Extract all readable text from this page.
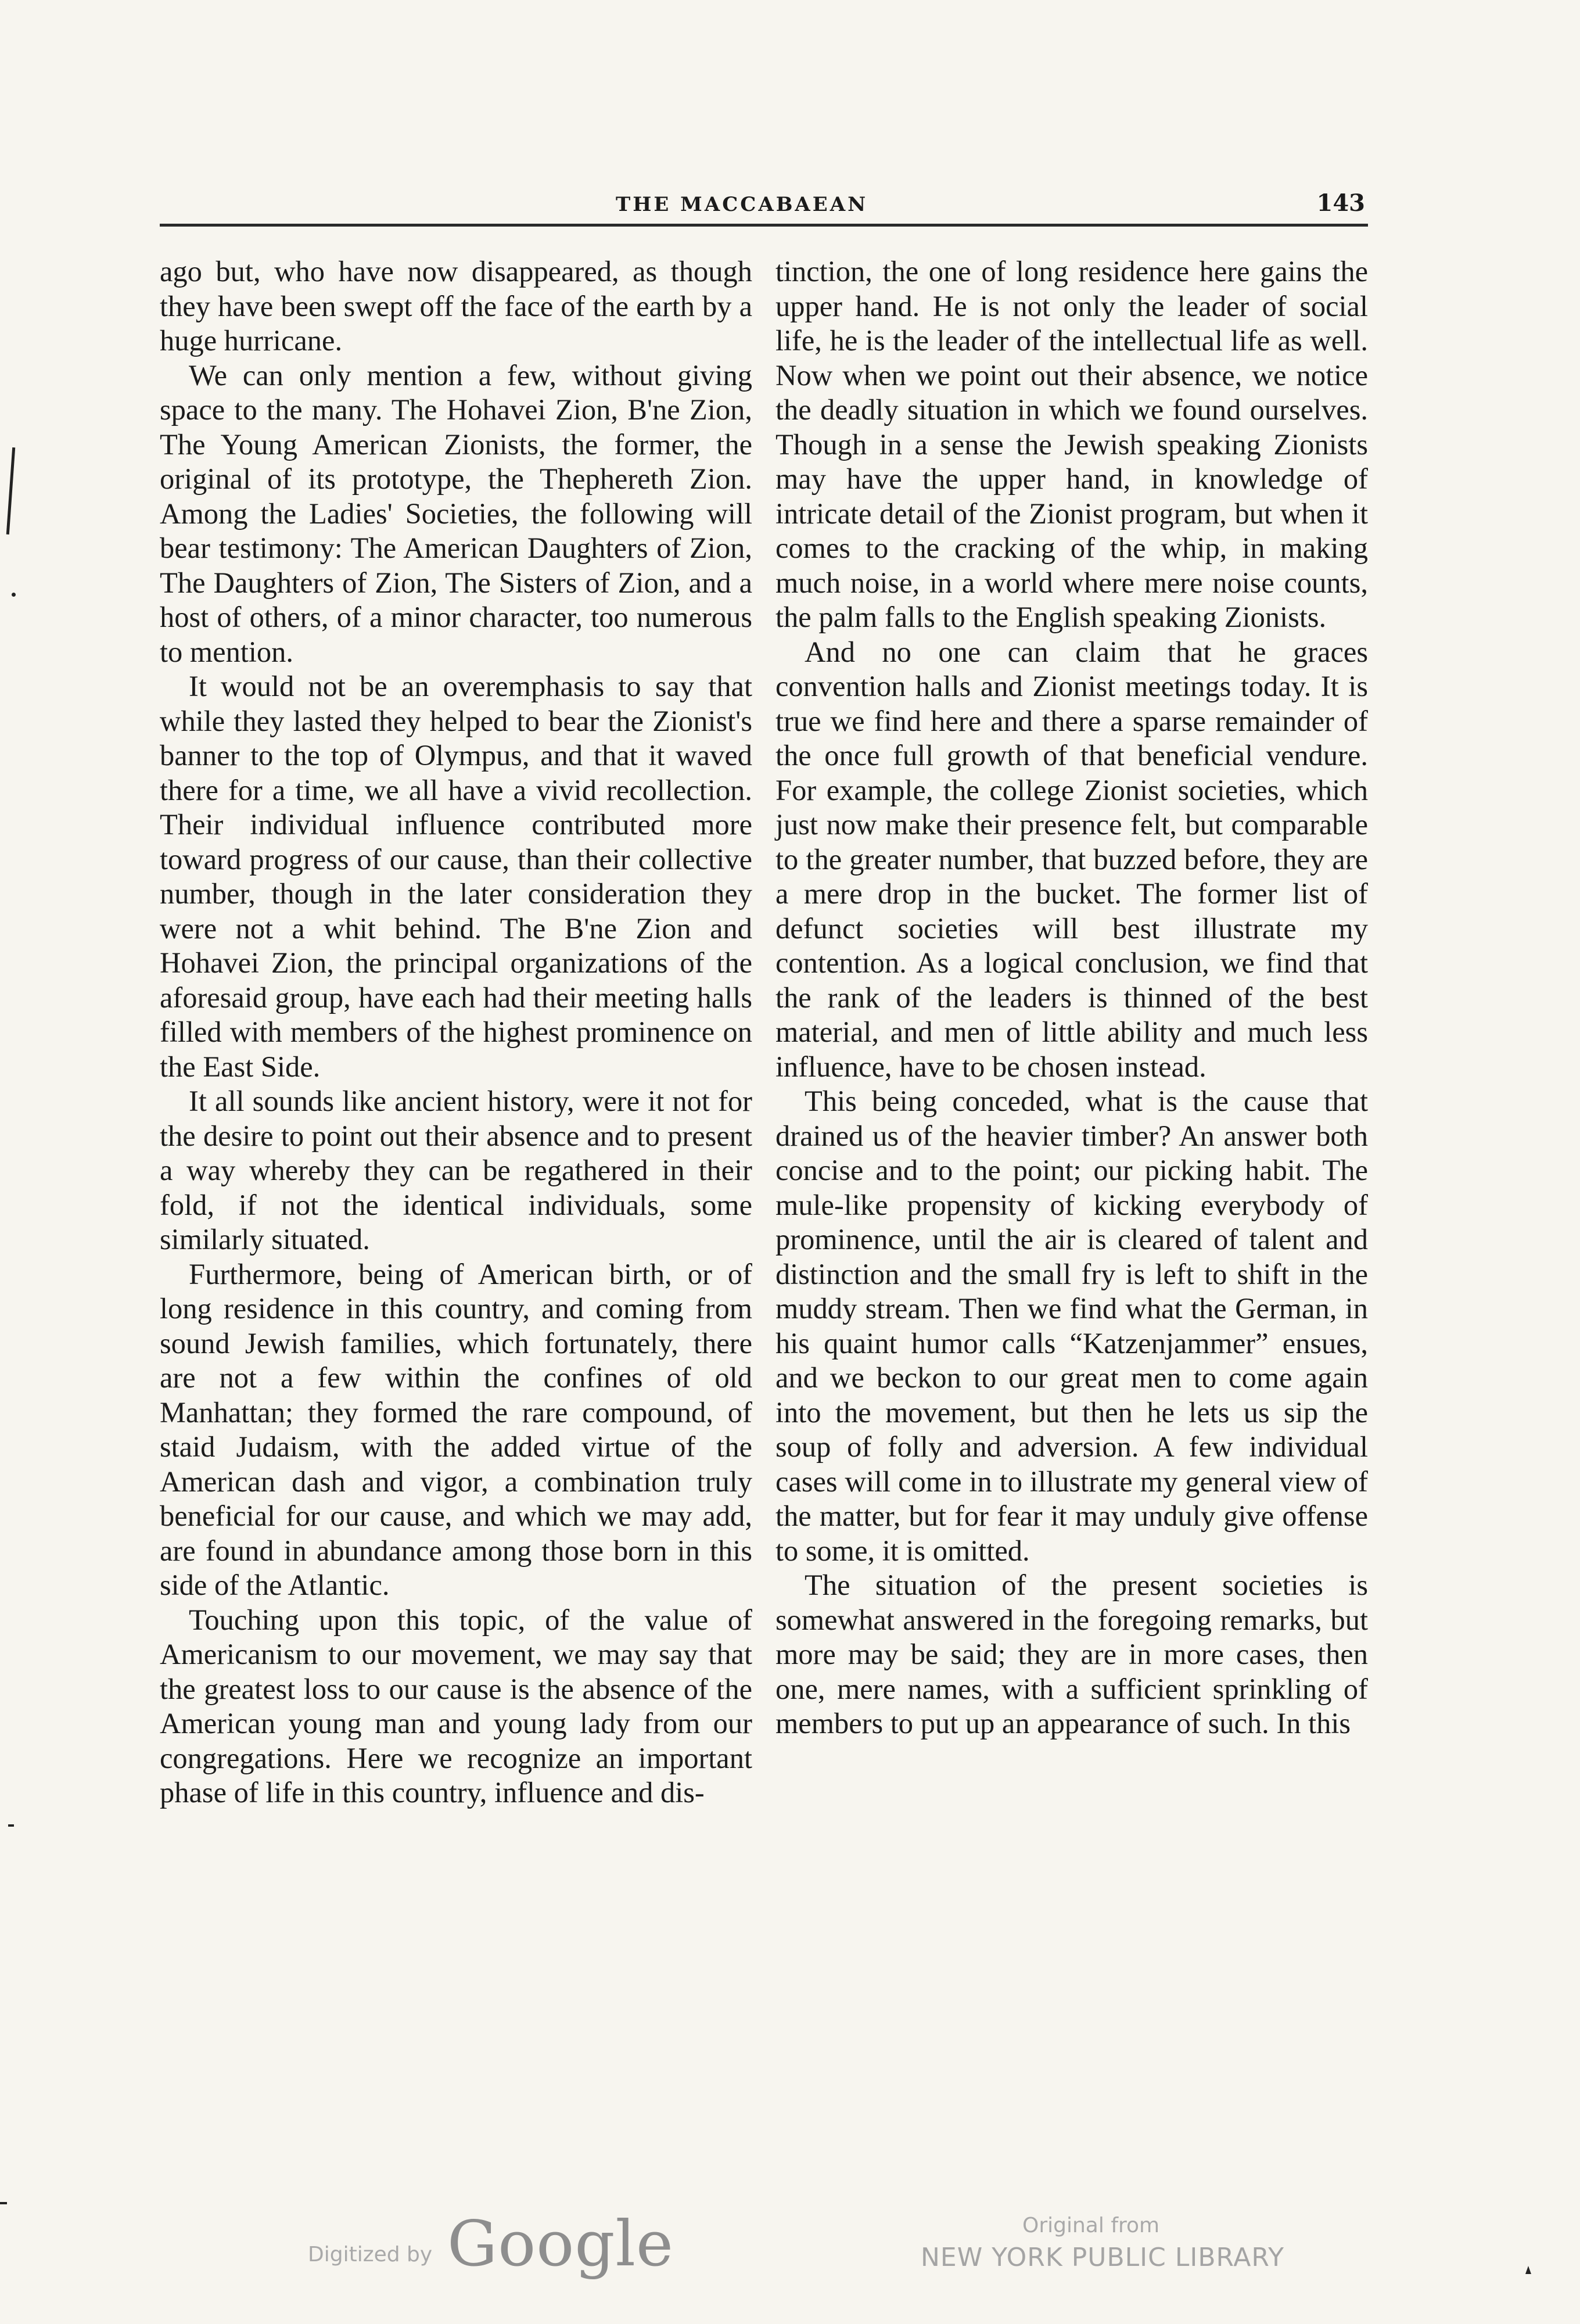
THE MACCABAEAN	143

ago but, who have now disappeared, as though they have been swept off the face of the earth by a huge hurricane.

We can only mention a few, without giving space to the many. The Hohavei Zion, B'ne Zion, The Young American Zionists, the former, the original of its prototype, the Thephereth Zion. Among the Ladies' Societies, the following will bear testimony: The American Daughters of Zion, The Daughters of Zion, The Sisters of Zion, and a host of others, of a minor character, too numerous to mention.

It would not be an overemphasis to say that while they lasted they helped to bear the Zionist's banner to the top of Olympus, and that it waved there for a time, we all have a vivid recollection. Their individual influence contributed more toward progress of our cause, than their collective number, though in the later consideration they were not a whit behind. The B'ne Zion and Hohavei Zion, the principal organizations of the aforesaid group, have each had their meeting halls filled with members of the highest prominence on the East Side.

It all sounds like ancient history, were it not for the desire to point out their absence and to present a way whereby they can be regathered in their fold, if not the identical individuals, some similarly situated.

Furthermore, being of American birth, or of long residence in this country, and coming from sound Jewish families, which fortunately, there are not a few within the confines of old Manhattan; they formed the rare compound, of staid Judaism, with the added virtue of the American dash and vigor, a combination truly beneficial for our cause, and which we may add, are found in abundance among those born in this side of the Atlantic.

Touching upon this topic, of the value of Americanism to our movement, we may say that the greatest loss to our cause is the absence of the American young man and young lady from our congregations. Here we recognize an important phase of life in this country, influence and dis-

tinction, the one of long residence here gains the upper hand. He is not only the leader of social life, he is the leader of the intellectual life as well. Now when we point out their absence, we notice the deadly situation in which we found ourselves. Though in a sense the Jewish speaking Zionists may have the upper hand, in knowledge of intricate detail of the Zionist program, but when it comes to the cracking of the whip, in making much noise, in a world where mere noise counts, the palm falls to the English speaking Zionists.

And no one can claim that he graces convention halls and Zionist meetings today. It is true we find here and there a sparse remainder of the once full growth of that beneficial vendure. For example, the college Zionist societies, which just now make their presence felt, but comparable to the greater number, that buzzed before, they are a mere drop in the bucket. The former list of defunct societies will best illustrate my contention. As a logical conclusion, we find that the rank of the leaders is thinned of the best material, and men of little ability and much less influence, have to be chosen instead.

This being conceded, what is the cause that drained us of the heavier timber? An answer both concise and to the point; our picking habit. The mule-like propensity of kicking everybody of prominence, until the air is cleared of talent and distinction and the small fry is left to shift in the muddy stream. Then we find what the German, in his quaint humor calls “Katzenjammer” ensues, and we beckon to our great men to come again into the movement, but then he lets us sip the soup of folly and adversion. A few individual cases will come in to illustrate my general view of the matter, but for fear it may unduly give offense to some, it is omitted.

The situation of the present societies is somewhat answered in the foregoing remarks, but more may be said; they are in more cases, then one, mere names, with a sufficient sprinkling of members to put up an appearance of such. In this

Digitized by Google	Original from
NEW YORK PUBLIC LIBRARY
